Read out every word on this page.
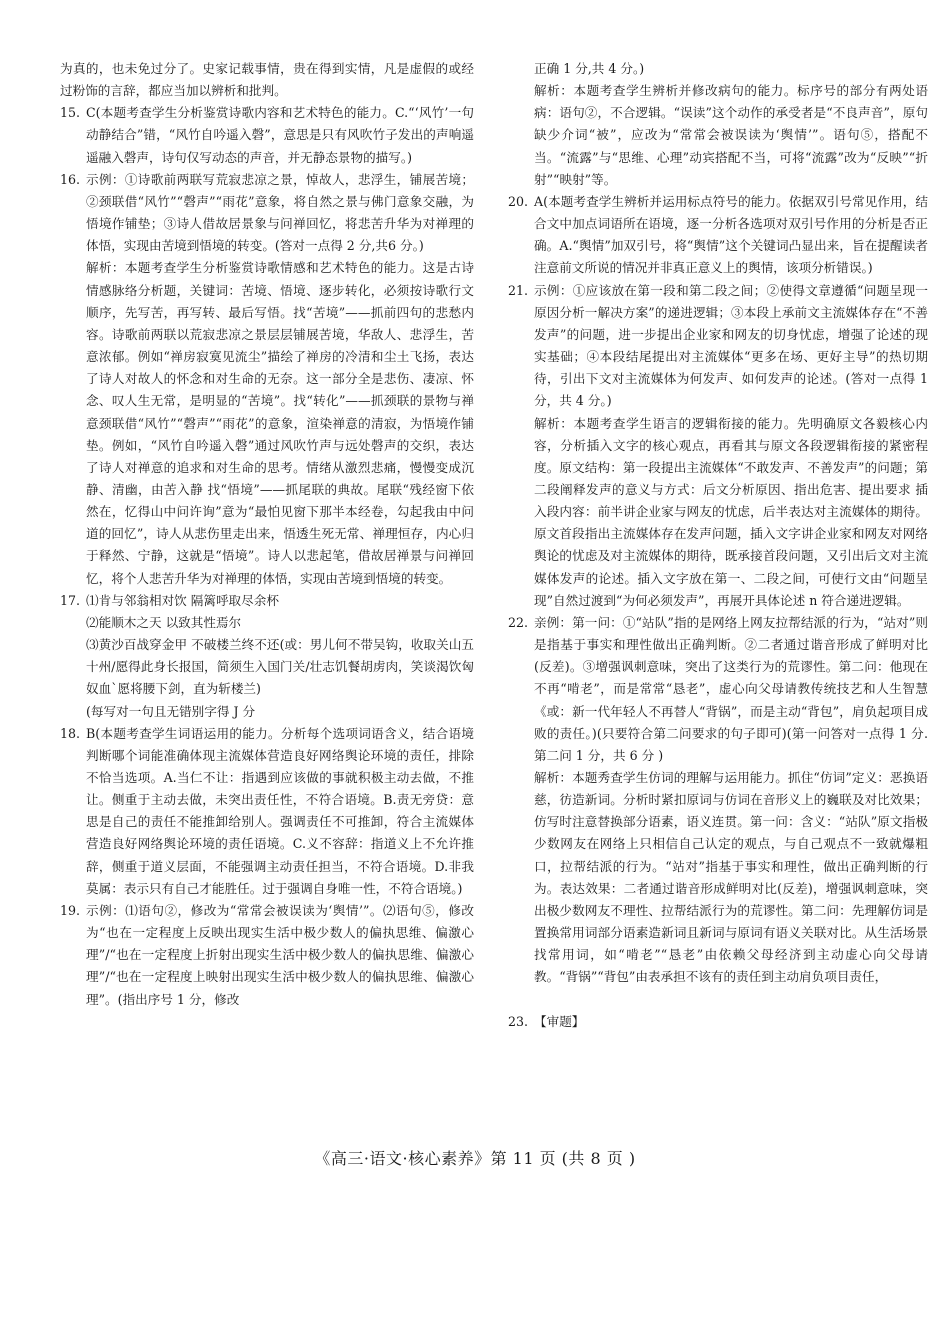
为真的，也未免过分了。史家记载事情，贵在得到实情，凡是虚假的或经过粉饰的言辞，都应当加以辨析和批判。

15. C(本题考查学生分析鉴赏诗歌内容和艺术特色的能力。C.“‘风竹’一句动静结合”错，“风竹自吟遥入磬”，意思是只有风吹竹子发出的声响遥遥融入磬声，诗句仅写动态的声音，并无静态景物的描写。)
16. 示例：①诗歌前两联写荒寂悲凉之景，悼故人，悲浮生，铺展苦境；②颈联借“风竹”“磬声”“雨花”意象，将自然之景与佛门意象交融，为悟境作铺垫；③诗人借故居景象与问禅回忆，将悲苦升华为对禅理的体悟，实现由苦境到悟境的转变。(答对一点得 2 分,共6 分。)

解析：本题考查学生分析鉴赏诗歌情感和艺术特色的能力。这是古诗情感脉络分析题，关键词：苦境、悟境、逐步转化，必须按诗歌行文顺序，先写苦，再写转、最后写悟。找“苦境”——抓前四句的悲愁内容。诗歌前两联以荒寂悲凉之景层层铺展苦境，华敌人、悲浮生，苦意浓郁。例如“禅房寂寞见流尘”描绘了禅房的冷清和尘土飞扬，表达了诗人对故人的怀念和对生命的无奈。这一部分全是悲伤、凄凉、怀念、叹人生无常，是明显的“苦境”。找“转化”——抓颈联的景物与禅意颈联借“风竹”“磬声”“雨花”的意象，渲染禅意的清寂，为悟境作铺垫。例如，“风竹自吟遥入磬”通过风吹竹声与远处磬声的交织，表达了诗人对禅意的追求和对生命的思考。情绪从激烈悲痛，慢慢变成沉静、清幽，由苦入静 找“悟境”——抓尾联的典故。尾联“残经窗下依然在，忆得山中问许询”意为“最怕见窗下那半本经卷，勾起我由中问道的回忆”，诗人从悲伤里走出来，悟透生死无常、禅理恒存，内心归于释然、宁静，这就是“悟境”。诗人以悲起笔，借故居禅景与问禅回忆，将个人悲苦升华为对禅理的体悟，实现由苦境到悟境的转变。

17. ⑴肯与邻翁相对饮 隔篱呼取尽余杯

⑵能顺木之天 以致其性焉尔

⑶黄沙百战穿金甲 不破楼兰终不还(或：男儿何不带吴钩，收取关山五十州/愿得此身长报国，简须生入国门关/壮志饥餐胡虏肉，笑谈渴饮匈奴血`愿将腰下剑，直为斩楼兰)

(每写对一句且无错别字得 J 分

18. B(本题考查学生词语运用的能力。分析每个选项词语含义，结合语境判断哪个词能准确体现主流媒体营造良好网络舆论环境的责任，排除不恰当选项。A.当仁不让：指遇到应该做的事就积极主动去做，不推让。侧重于主动去做，未突出责任性，不符合语境。B.责无旁贷：意思是自己的责任不能推卸给别人。强调责任不可推卸，符合主流媒体营造良好网络舆论环境的责任语境。C.义不容辞：指道义上不允许推辞，侧重于道义层面，不能强调主动责任担当，不符合语境。D.非我莫属：表示只有自己才能胜任。过于强调自身唯一性，不符合语境。)
19. 示例：⑴语句②，修改为“常常会被误读为‘舆情’”。⑵语句⑤，修改为“也在一定程度上反映出现实生活中极少数人的偏执思维、偏激心理”/“也在一定程度上折射出现实生活中极少数人的偏执思维、偏激心理”/“也在一定程度上映射出现实生活中极少数人的偏执思维、偏激心理”。(指出序号 1 分，修改

正确 1 分,共 4 分。)

解析：本题考查学生辨析并修改病句的能力。标序号的部分有两处语病：语句②，不合逻辑。“误读”这个动作的承受者是“不良声音”，原句缺少介词“被”，应改为“常常会被误读为‘舆情’”。语句⑤，搭配不当。“流露”与“思维、心理”动宾搭配不当，可将“流露”改为“反映”“折射”“映射”等。

20. A(本题考查学生辨析并运用标点符号的能力。依据双引号常见作用，结合文中加点词语所在语境，逐一分析各选项对双引号作用的分析是否正确。A.“舆情”加双引号，将“舆情”这个关键词凸显出来，旨在提醒读者注意前文所说的情况并非真正意义上的舆情，该项分析错误。)
21. 示例：①应该放在第一段和第二段之间；②使得文章遵循“问题呈现一原因分析一解决方案”的递进逻辑；③本段上承前文主流媒体存在“不善发声”的问题，进一步提出企业家和网友的切身忧虑，增强了论述的现实基础；④本段结尾提出对主流媒体“更多在场、更好主导”的热切期待，引出下文对主流媒体为何发声、如何发声的论述。(答对一点得 1 分，共 4 分。)

解析：本题考查学生语言的逻辑衔接的能力。先明确原文各毅核心内容，分析插入文字的核心观点，再看其与原文各段逻辑衔接的紧密程度。原文结构：第一段提出主流媒体“不敢发声、不善发声”的问题；第二段阐释发声的意义与方式：后文分析原因、指出危害、提出要求 插入段内容：前半讲企业家与网友的忧虑，后半表达对主流媒体的期待。原文首段指出主流媒体存在发声问题，插入文字讲企业家和网友对网络舆论的忧虑及对主流媒体的期待，既承接首段问题，又引出后文对主流媒体发声的论述。插入文字放在第一、二段之间，可使行文由“问题呈现”自然过渡到“为何必须发声”，再展开具体论述 n 符合递进逻辑。

22. 亲例：第一问：①“站队”指的是网络上网友拉帮结派的行为，“站对”则是指基于事实和理性做出正确判断。②二者通过谐音形成了鲜明对比(反差)。③增强讽刺意味，突出了这类行为的荒谬性。第二问：他现在不再“啃老”，而是常常“恳老”，虚心向父母请教传统技艺和人生智慧 《或：新一代年轻人不再替人“背锅”，而是主动“背包”，肩负起项目成败的责任。)(只要符合第二问要求的句子即可)(第一问答对一点得 1 分.第二问 1 分，共 6 分 )

解析：本题秀查学生仿词的理解与运用能力。抓住“仿词”定义：恶换语慈，彷造新词。分析时紧扣原词与仿词在音形义上的巍联及对比效果；仿写时注意替换部分语素，语义连贯。第一问：含义：“站队”原文指极少数网友在网络上只相信自己认定的观点，与自己观点不一致就爆粗口，拉帮结派的行为。“站对”指基于事实和理性，做出正确判断的行为。表达效果：二者通过谐音形成鲜明对比(反差)，增强讽刺意味，突出极少数网友不理性、拉帮结派行为的荒谬性。第二问：先理解仿词是置换常用词部分语素造新词且新词与原词有语义关联对比。从生活场景找常用词，如“啃老”“恳老”由依赖父母经济到主动虚心向父母请教。“背锅”“背包”由表承担不该有的责任到主动肩负项目责任，

23. 【审题】
《高三·语文·核心素养》第 11 页 (共 8 页 )
